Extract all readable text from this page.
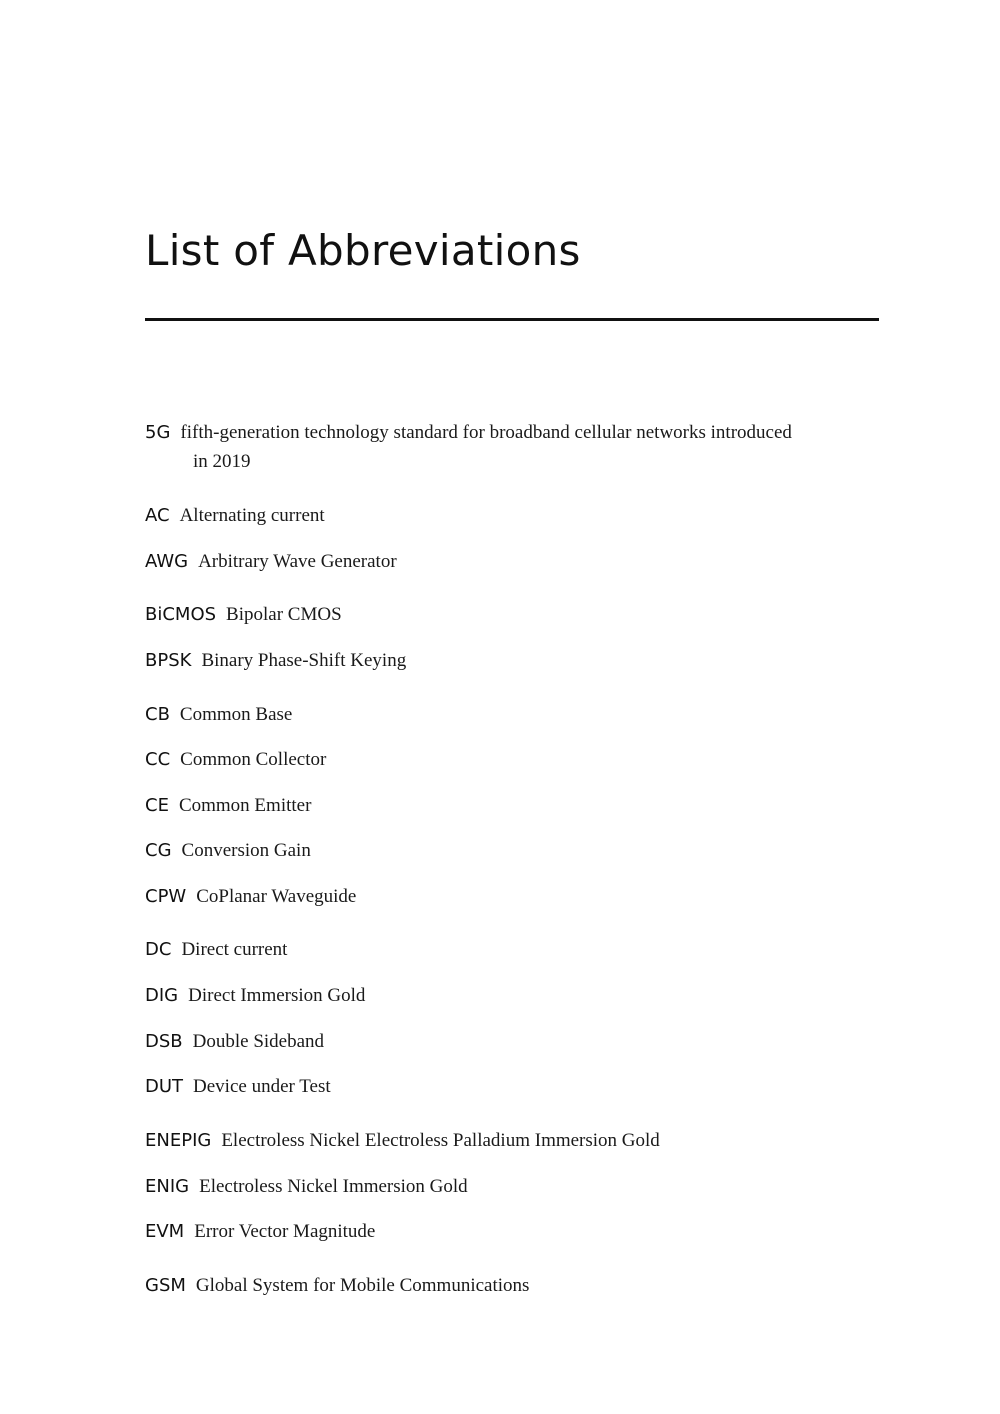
List of Abbreviations
5G fifth-generation technology standard for broadband cellular networks introduced
in 2019
AC Alternating current
AWG Arbitrary Wave Generator
BiCMOS Bipolar CMOS
BPSK Binary Phase-Shift Keying
CB Common Base
CC Common Collector
CE Common Emitter
CG Conversion Gain
CPW CoPlanar Waveguide
DC Direct current
DIG Direct Immersion Gold
DSB Double Sideband
DUT Device under Test
ENEPIG Electroless Nickel Electroless Palladium Immersion Gold
ENIG Electroless Nickel Immersion Gold
EVM Error Vector Magnitude
GSM Global System for Mobile Communications
